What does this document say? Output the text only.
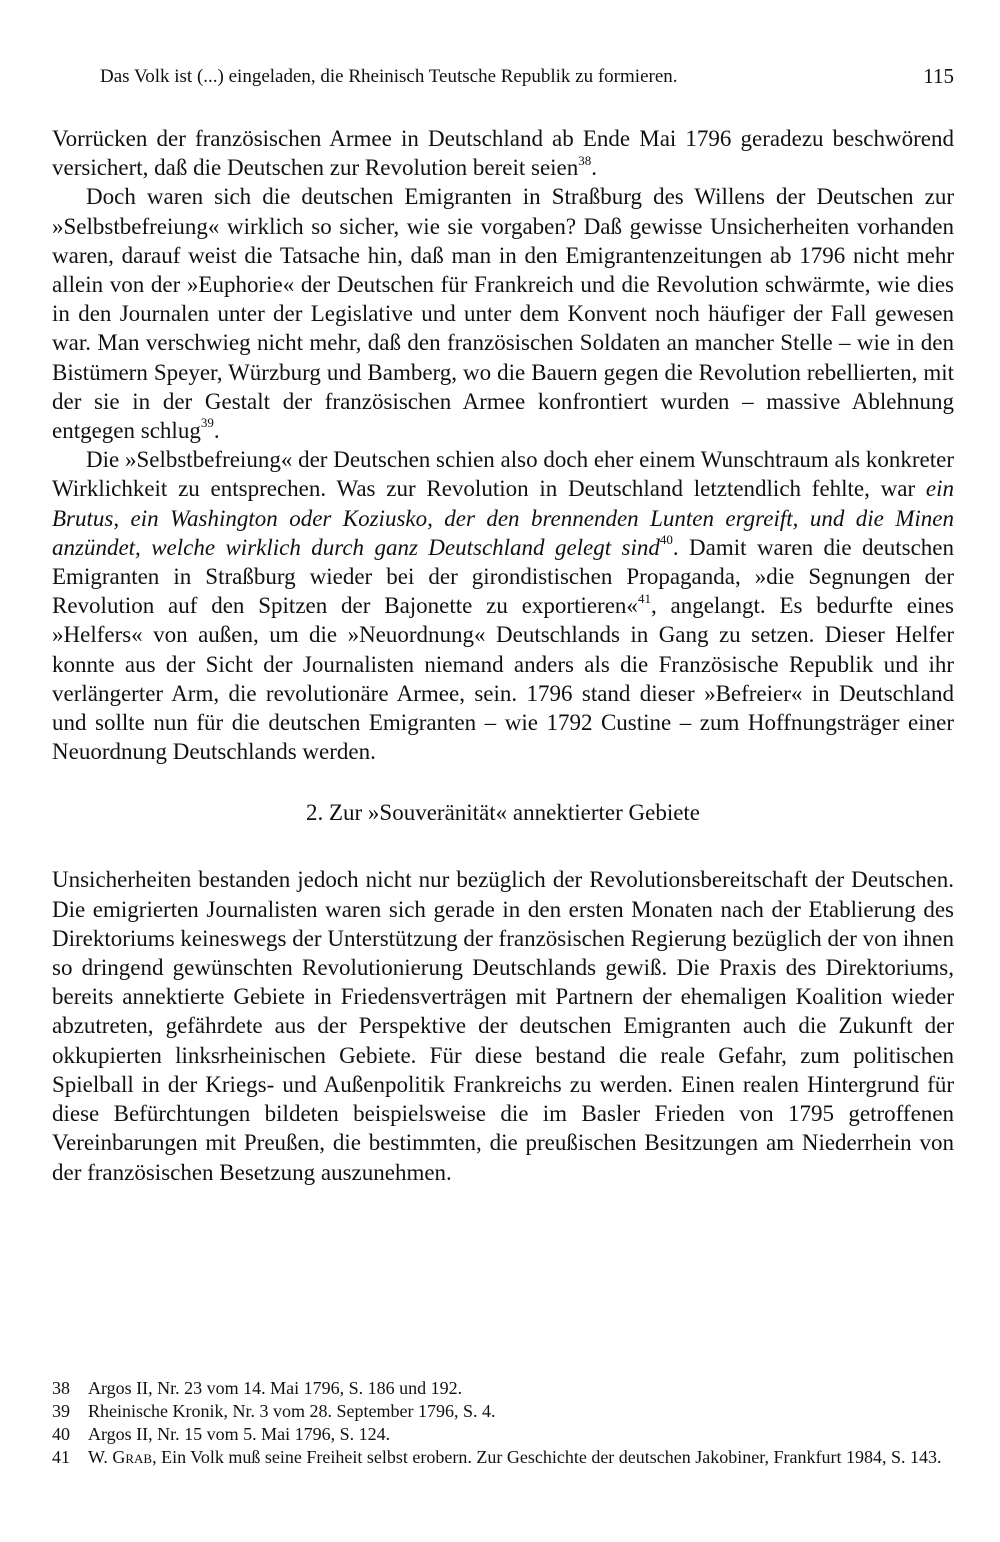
Das Volk ist (...) eingeladen, die Rheinisch Teutsche Republik zu formieren.	115

Vorrücken der französischen Armee in Deutschland ab Ende Mai 1796 geradezu beschwörend versichert, daß die Deutschen zur Revolution bereit seien$^{38}$.

Doch waren sich die deutschen Emigranten in Straßburg des Willens der Deutschen zur »Selbstbefreiung« wirklich so sicher, wie sie vorgaben? Daß gewisse Unsicherheiten vorhanden waren, darauf weist die Tatsache hin, daß man in den Emigrantenzeitungen ab 1796 nicht mehr allein von der »Euphorie« der Deutschen für Frankreich und die Revolution schwärmte, wie dies in den Journalen unter der Legislative und unter dem Konvent noch häufiger der Fall gewesen war. Man verschwieg nicht mehr, daß den französischen Soldaten an mancher Stelle – wie in den Bistümern Speyer, Würzburg und Bamberg, wo die Bauern gegen die Revolution rebellierten, mit der sie in der Gestalt der französischen Armee konfrontiert wurden – massive Ablehnung entgegen schlug$^{39}$.

Die »Selbstbefreiung« der Deutschen schien also doch eher einem Wunschtraum als konkreter Wirklichkeit zu entsprechen. Was zur Revolution in Deutschland letztendlich fehlte, war ein Brutus, ein Washington oder Koziusko, der den brennenden Lunten ergreift, und die Minen anzündet, welche wirklich durch ganz Deutschland gelegt sind$^{40}$. Damit waren die deutschen Emigranten in Straßburg wieder bei der girondistischen Propaganda, »die Segnungen der Revolution auf den Spitzen der Bajonette zu exportieren«$^{41}$, angelangt. Es bedurfte eines »Helfers« von außen, um die »Neuordnung« Deutschlands in Gang zu setzen. Dieser Helfer konnte aus der Sicht der Journalisten niemand anders als die Französische Republik und ihr verlängerter Arm, die revolutionäre Armee, sein. 1796 stand dieser »Befreier« in Deutschland und sollte nun für die deutschen Emigranten – wie 1792 Custine – zum Hoffnungsträger einer Neuordnung Deutschlands werden.

2. Zur »Souveränität« annektierter Gebiete

Unsicherheiten bestanden jedoch nicht nur bezüglich der Revolutionsbereitschaft der Deutschen. Die emigrierten Journalisten waren sich gerade in den ersten Monaten nach der Etablierung des Direktoriums keineswegs der Unterstützung der französischen Regierung bezüglich der von ihnen so dringend gewünschten Revolutionierung Deutschlands gewiß. Die Praxis des Direktoriums, bereits annektierte Gebiete in Friedensverträgen mit Partnern der ehemaligen Koalition wieder abzutreten, gefährdete aus der Perspektive der deutschen Emigranten auch die Zukunft der okkupierten linksrheinischen Gebiete. Für diese bestand die reale Gefahr, zum politischen Spielball in der Kriegs- und Außenpolitik Frankreichs zu werden. Einen realen Hintergrund für diese Befürchtungen bildeten beispielsweise die im Basler Frieden von 1795 getroffenen Vereinbarungen mit Preußen, die bestimmten, die preußischen Besitzungen am Niederrhein von der französischen Besetzung auszunehmen.

38 Argos II, Nr. 23 vom 14. Mai 1796, S. 186 und 192.
39 Rheinische Kronik, Nr. 3 vom 28. September 1796, S. 4.
40 Argos II, Nr. 15 vom 5. Mai 1796, S. 124.
41 W. Grab, Ein Volk muß seine Freiheit selbst erobern. Zur Geschichte der deutschen Jakobiner, Frankfurt 1984, S. 143.
